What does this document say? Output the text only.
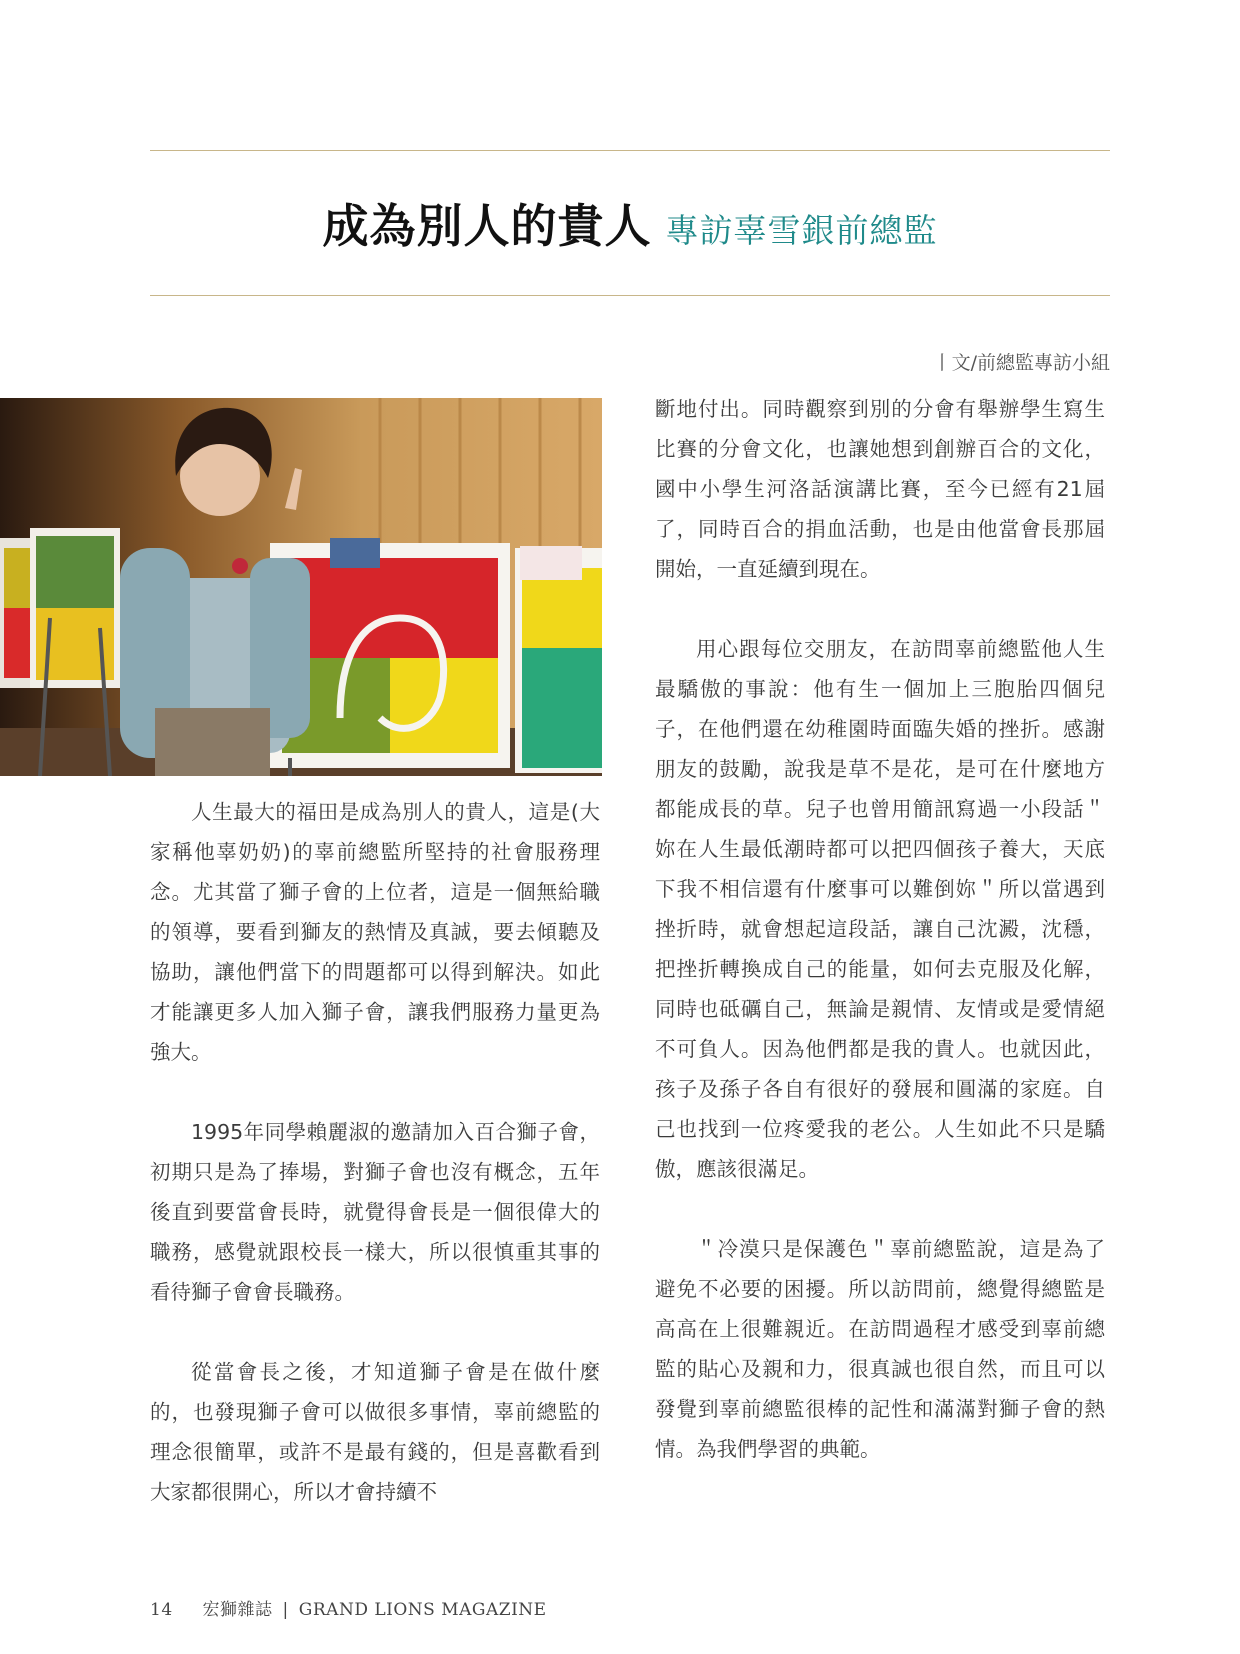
成為別人的貴人 專訪辜雪銀前總監
丨文/前總監專訪小組

人生最大的福田是成為別人的貴人，這是(大家稱他辜奶奶)的辜前總監所堅持的社會服務理念。尤其當了獅子會的上位者，這是一個無給職的領導，要看到獅友的熱情及真誠，要去傾聽及協助，讓他們當下的問題都可以得到解決。如此才能讓更多人加入獅子會，讓我們服務力量更為強大。

1995年同學賴麗淑的邀請加入百合獅子會，初期只是為了捧場，對獅子會也沒有概念，五年後直到要當會長時，就覺得會長是一個很偉大的職務，感覺就跟校長一樣大，所以很慎重其事的看待獅子會會長職務。

從當會長之後，才知道獅子會是在做什麼的，也發現獅子會可以做很多事情，辜前總監的理念很簡單，或許不是最有錢的，但是喜歡看到大家都很開心，所以才會持續不

斷地付出。同時觀察到別的分會有舉辦學生寫生比賽的分會文化，也讓她想到創辦百合的文化，國中小學生河洛話演講比賽，至今已經有21屆了，同時百合的捐血活動，也是由他當會長那屆開始，一直延續到現在。

用心跟每位交朋友，在訪問辜前總監他人生最驕傲的事說：他有生一個加上三胞胎四個兒子，在他們還在幼稚園時面臨失婚的挫折。感謝朋友的鼓勵，說我是草不是花，是可在什麼地方都能成長的草。兒子也曾用簡訊寫過一小段話＂妳在人生最低潮時都可以把四個孩子養大，天底下我不相信還有什麼事可以難倒妳＂所以當遇到挫折時，就會想起這段話，讓自己沈澱，沈穩，把挫折轉換成自己的能量，如何去克服及化解，同時也砥礪自己，無論是親情、友情或是愛情絕不可負人。因為他們都是我的貴人。也就因此，孩子及孫子各自有很好的發展和圓滿的家庭。自己也找到一位疼愛我的老公。人生如此不只是驕傲，應該很滿足。

＂冷漠只是保護色＂辜前總監說，這是為了避免不必要的困擾。所以訪問前，總覺得總監是高高在上很難親近。在訪問過程才感受到辜前總監的貼心及親和力，很真誠也很自然，而且可以發覺到辜前總監很棒的記性和滿滿對獅子會的熱情。為我們學習的典範。

14 宏獅雜誌 | GRAND LIONS MAGAZINE
